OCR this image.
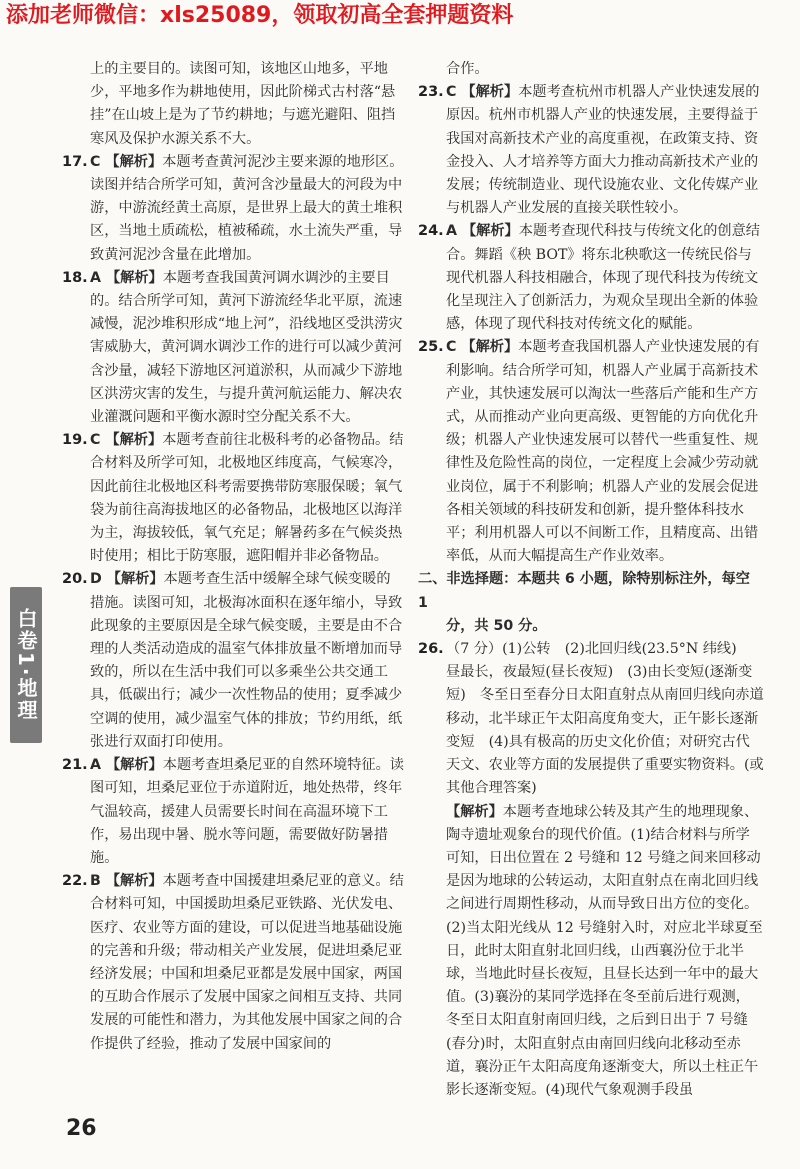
添加老师微信：xls25089，领取初高全套押题资料
上的主要目的。读图可知，该地区山地多，平地少，平地多作为耕地使用，因此阶梯式古村落“悬挂”在山坡上是为了节约耕地；与遮光避阳、阻挡寒风及保护水源关系不大。
17. C 【解析】本题考查黄河泥沙主要来源的地形区。读图并结合所学可知，黄河含沙量最大的河段为中游，中游流经黄土高原，是世界上最大的黄土堆积区，当地土质疏松，植被稀疏，水土流失严重，导致黄河泥沙含量在此增加。
18. A 【解析】本题考查我国黄河调水调沙的主要目的。结合所学可知，黄河下游流经华北平原，流速减慢，泥沙堆积形成“地上河”，沿线地区受洪涝灾害威胁大，黄河调水调沙工作的进行可以减少黄河含沙量，减轻下游地区河道淤积，从而减少下游地区洪涝灾害的发生，与提升黄河航运能力、解决农业灌溉问题和平衡水源时空分配关系不大。
19. C 【解析】本题考查前往北极科考的必备物品。结合材料及所学可知，北极地区纬度高，气候寒冷，因此前往北极地区科考需要携带防寒服保暖；氧气袋为前往高海拔地区的必备物品，北极地区以海洋为主，海拔较低，氧气充足；解暑药多在气候炎热时使用；相比于防寒服，遮阳帽并非必备物品。
20. D 【解析】本题考查生活中缓解全球气候变暖的措施。读图可知，北极海冰面积在逐年缩小，导致此现象的主要原因是全球气候变暖，主要是由不合理的人类活动造成的温室气体排放量不断增加而导致的，所以在生活中我们可以多乘坐公共交通工具，低碳出行；减少一次性物品的使用；夏季减少空调的使用，减少温室气体的排放；节约用纸，纸张进行双面打印使用。
21. A 【解析】本题考查坦桑尼亚的自然环境特征。读图可知，坦桑尼亚位于赤道附近，地处热带，终年气温较高，援建人员需要长时间在高温环境下工作，易出现中暑、脱水等问题，需要做好防暑措施。
22. B 【解析】本题考查中国援建坦桑尼亚的意义。结合材料可知，中国援助坦桑尼亚铁路、光伏发电、医疗、农业等方面的建设，可以促进当地基础设施的完善和升级；带动相关产业发展，促进坦桑尼亚经济发展；中国和坦桑尼亚都是发展中国家，两国的互助合作展示了发展中国家之间相互支持、共同发展的可能性和潜力，为其他发展中国家之间的合作提供了经验，推动了发展中国家间的
合作。
23. C 【解析】本题考查杭州市机器人产业快速发展的原因。杭州市机器人产业的快速发展，主要得益于我国对高新技术产业的高度重视，在政策支持、资金投入、人才培养等方面大力推动高新技术产业的发展；传统制造业、现代设施农业、文化传媒产业与机器人产业发展的直接关联性较小。
24. A 【解析】本题考查现代科技与传统文化的创意结合。舞蹈《秧 BOT》将东北秧歌这一传统民俗与现代机器人科技相融合，体现了现代科技为传统文化呈现注入了创新活力，为观众呈现出全新的体验感，体现了现代科技对传统文化的赋能。
25. C 【解析】本题考查我国机器人产业快速发展的有利影响。结合所学可知，机器人产业属于高新技术产业，其快速发展可以淘汰一些落后产能和生产方式，从而推动产业向更高级、更智能的方向优化升级；机器人产业快速发展可以替代一些重复性、规律性及危险性高的岗位，一定程度上会减少劳动就业岗位，属于不利影响；机器人产业的发展会促进各相关领域的科技研发和创新，提升整体科技水平；利用机器人可以不间断工作，且精度高、出错率低，从而大幅提高生产作业效率。
二、非选择题：本题共 6 小题，除特别标注外，每空 1
分，共 50 分。
26. （7 分）(1)公转　(2)北回归线(23.5°N 纬线)　昼最长，夜最短(昼长夜短)　(3)由长变短(逐渐变短)　冬至日至春分日太阳直射点从南回归线向赤道移动，北半球正午太阳高度角变大，正午影长逐渐变短　(4)具有极高的历史文化价值；对研究古代天文、农业等方面的发展提供了重要实物资料。(或其他合理答案)
【解析】本题考查地球公转及其产生的地理现象、陶寺遗址观象台的现代价值。(1)结合材料与所学可知，日出位置在 2 号缝和 12 号缝之间来回移动是因为地球的公转运动，太阳直射点在南北回归线之间进行周期性移动，从而导致日出方位的变化。(2)当太阳光线从 12 号缝射入时，对应北半球夏至日，此时太阳直射北回归线，山西襄汾位于北半球，当地此时昼长夜短，且昼长达到一年中的最大值。(3)襄汾的某同学选择在冬至前后进行观测，冬至日太阳直射南回归线，之后到日出于 7 号缝(春分)时，太阳直射点由南回归线向北移动至赤道，襄汾正午太阳高度角逐渐变大，所以土柱正午影长逐渐变短。(4)现代气象观测手段虽
白卷1·地理
26
